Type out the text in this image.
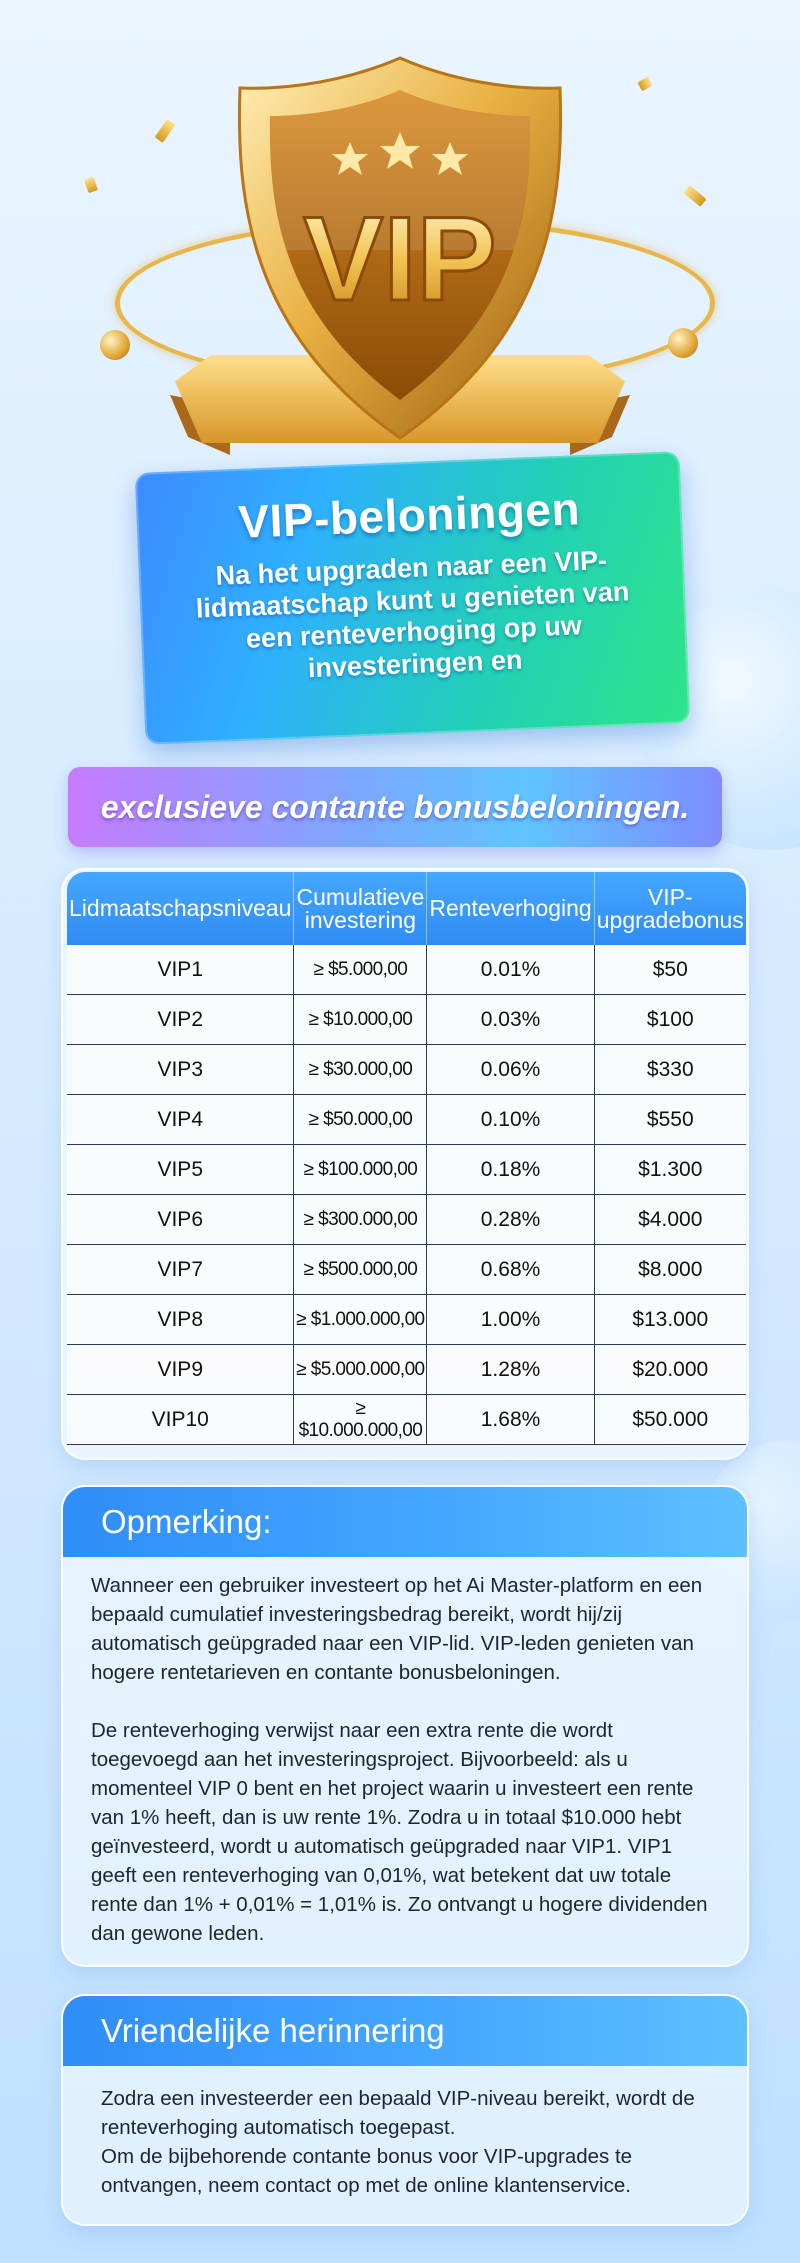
VIP
VIP-beloningen
Na het upgraden naar een VIP-lidmaatschap kunt u genieten van een renteverhoging op uw investeringen en
exclusieve contante bonusbeloningen.
Lidmaatschapsniveau	Cumulatieve investering	Renteverhoging	VIP-upgradebonus
VIP1	≥ $5.000,00	0.01%	$50
VIP2	≥ $10.000,00	0.03%	$100
VIP3	≥ $30.000,00	0.06%	$330
VIP4	≥ $50.000,00	0.10%	$550
VIP5	≥ $100.000,00	0.18%	$1.300
VIP6	≥ $300.000,00	0.28%	$4.000
VIP7	≥ $500.000,00	0.68%	$8.000
VIP8	≥ $1.000.000,00	1.00%	$13.000
VIP9	≥ $5.000.000,00	1.28%	$20.000
VIP10	≥ $10.000.000,00	1.68%	$50.000
Opmerking:

Wanneer een gebruiker investeert op het Ai Master-platform en een bepaald cumulatief investeringsbedrag bereikt, wordt hij/zij automatisch geüpgraded naar een VIP-lid. VIP-leden genieten van hogere rentetarieven en contante bonusbeloningen.

De renteverhoging verwijst naar een extra rente die wordt toegevoegd aan het investeringsproject. Bijvoorbeeld: als u momenteel VIP 0 bent en het project waarin u investeert een rente van 1% heeft, dan is uw rente 1%. Zodra u in totaal $10.000 hebt geïnvesteerd, wordt u automatisch geüpgraded naar VIP1. VIP1 geeft een renteverhoging van 0,01%, wat betekent dat uw totale rente dan 1% + 0,01% = 1,01% is. Zo ontvangt u hogere dividenden dan gewone leden.

Vriendelijke herinnering

Zodra een investeerder een bepaald VIP-niveau bereikt, wordt de renteverhoging automatisch toegepast.

Om de bijbehorende contante bonus voor VIP-upgrades te ontvangen, neem contact op met de online klantenservice.
